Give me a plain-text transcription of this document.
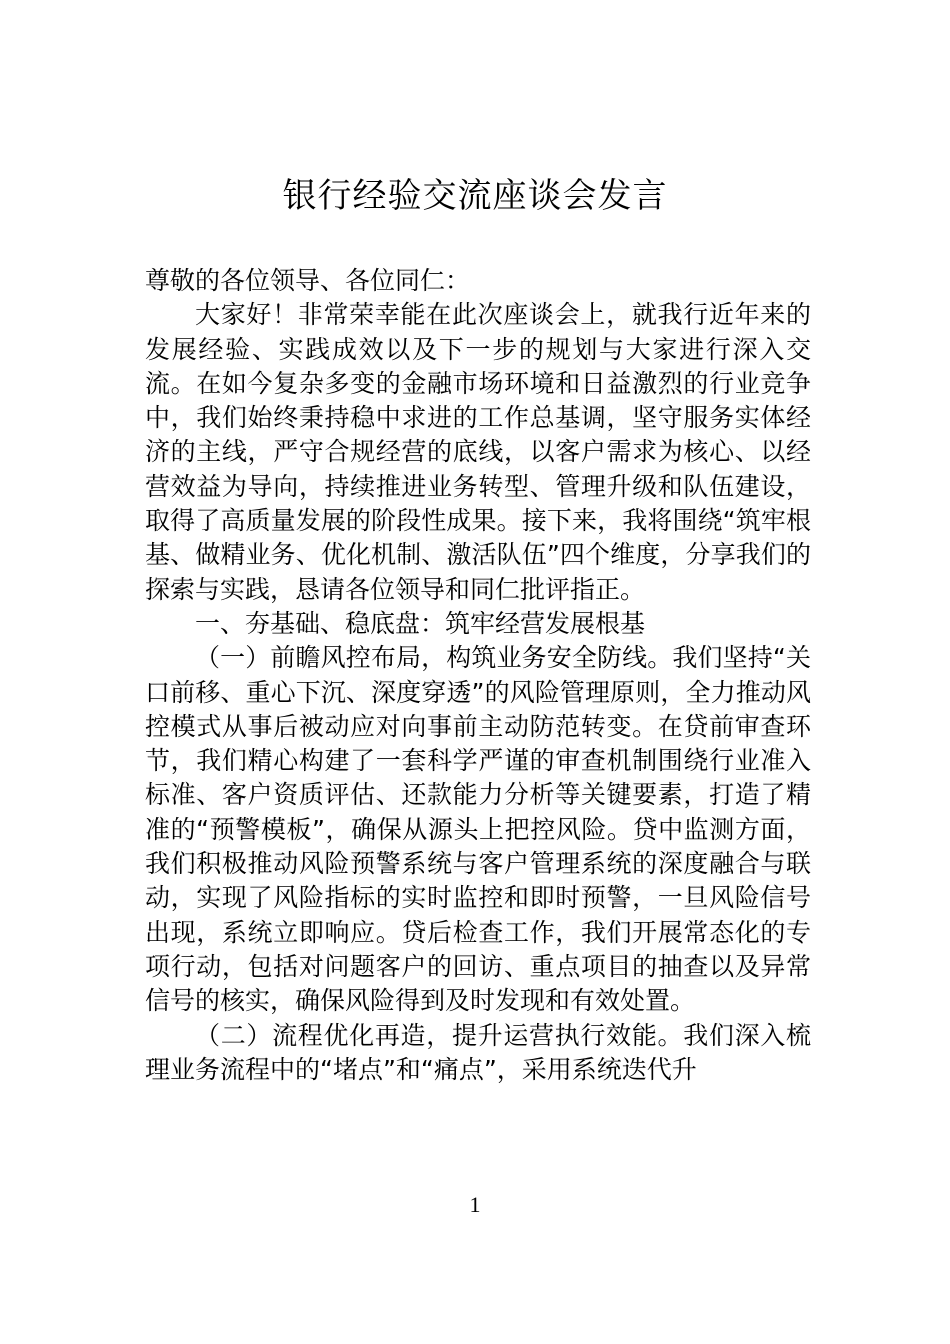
银行经验交流座谈会发言

尊敬的各位领导、各位同仁：

大家好！非常荣幸能在此次座谈会上，就我行近年来的发展经验、实践成效以及下一步的规划与大家进行深入交流。在如今复杂多变的金融市场环境和日益激烈的行业竞争中，我们始终秉持稳中求进的工作总基调，坚守服务实体经济的主线，严守合规经营的底线，以客户需求为核心、以经营效益为导向，持续推进业务转型、管理升级和队伍建设，取得了高质量发展的阶段性成果。接下来，我将围绕“筑牢根基、做精业务、优化机制、激活队伍”四个维度，分享我们的探索与实践，恳请各位领导和同仁批评指正。

一、夯基础、稳底盘：筑牢经营发展根基

（一）前瞻风控布局，构筑业务安全防线。我们坚持“关口前移、重心下沉、深度穿透”的风险管理原则，全力推动风控模式从事后被动应对向事前主动防范转变。在贷前审查环节，我们精心构建了一套科学严谨的审查机制围绕行业准入标准、客户资质评估、还款能力分析等关键要素，打造了精准的“预警模板”，确保从源头上把控风险。贷中监测方面，我们积极推动风险预警系统与客户管理系统的深度融合与联动，实现了风险指标的实时监控和即时预警，一旦风险信号出现，系统立即响应。贷后检查工作，我们开展常态化的专项行动，包括对问题客户的回访、重点项目的抽查以及异常信号的核实，确保风险得到及时发现和有效处置。

（二）流程优化再造，提升运营执行效能。我们深入梳理业务流程中的“堵点”和“痛点”，采用系统迭代升

1
